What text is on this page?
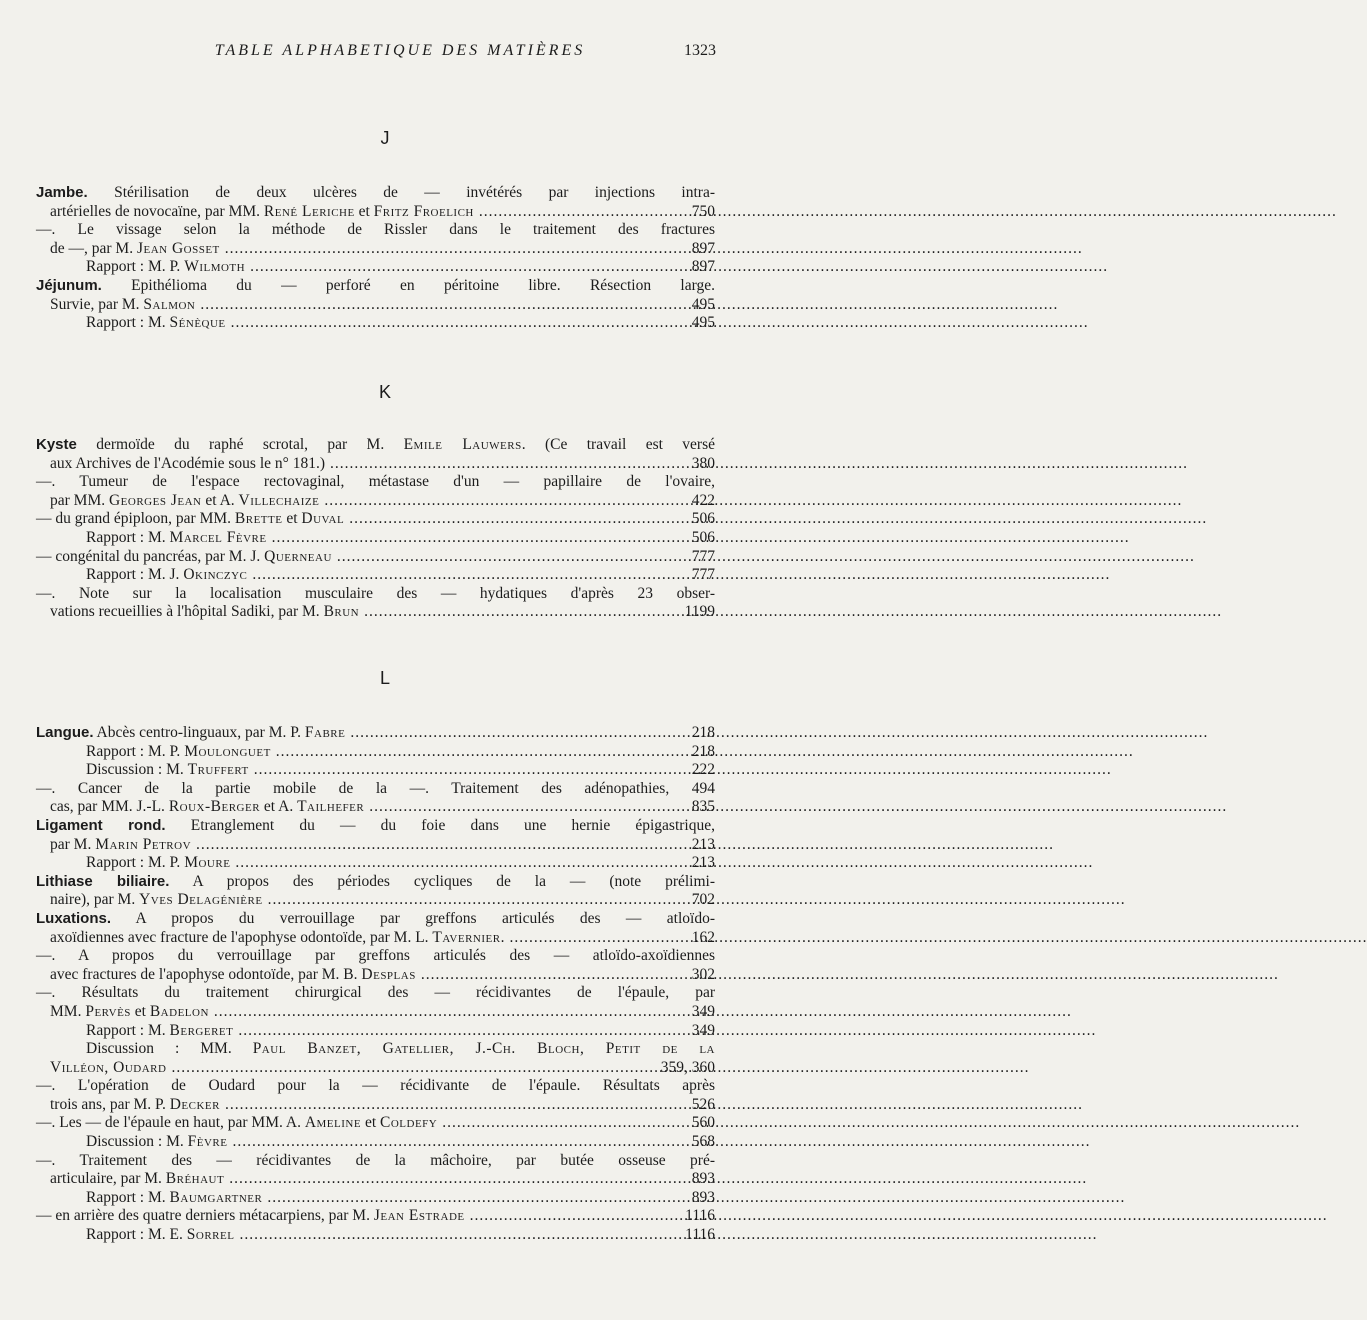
TABLE ALPHABETIQUE DES MATIÈRES	1323
J
Jambe. Stérilisation de deux ulcères de — invétérés par injections intra-
artérielles de novocaïne, par MM. René Leriche et Fritz Froelich .....	750
—. Le vissage selon la méthode de Rissler dans le traitement des fractures
de —, par M. Jean Gosset .....	897
Rapport : M. P. Wilmoth .....	897
Jéjunum. Epithélioma du — perforé en péritoine libre. Résection large.
Survie, par M. Salmon .....	495
Rapport : M. Sénèque .....	495
K
Kyste dermoïde du raphé scrotal, par M. Emile Lauwers. (Ce travail est versé
aux Archives de l'Acodémie sous le n° 181.) .....	380
—. Tumeur de l'espace rectovaginal, métastase d'un — papillaire de l'ovaire,
par MM. Georges Jean et A. Villechaize .....	422
— du grand épiploon, par MM. Brette et Duval .....	506
Rapport : M. Marcel Fèvre .....	506
— congénital du pancréas, par M. J. Querneau .....	777
Rapport : M. J. Okinczyc .....	777
—. Note sur la localisation musculaire des — hydatiques d'après 23 obser-
vations recueillies à l'hôpital Sadiki, par M. Brun .....	1199
L
Langue. Abcès centro-linguaux, par M. P. Fabre .....	218
Rapport : M. P. Moulonguet .....	218
Discussion : M. Truffert .....	222
—. Cancer de la partie mobile de la —. Traitement des adénopathies, 494
cas, par MM. J.-L. Roux-Berger et A. Tailhefer .....	835
Ligament rond. Etranglement du — du foie dans une hernie épigastrique,
par M. Marin Petrov .....	213
Rapport : M. P. Moure .....	213
Lithiase biliaire. A propos des périodes cycliques de la — (note prélimi-
naire), par M. Yves Delagénière .....	702
Luxations. A propos du verrouillage par greffons articulés des — atloïdo-
axoïdiennes avec fracture de l'apophyse odontoïde, par M. L. Tavernier. .....	162
—. A propos du verrouillage par greffons articulés des — atloïdo-axoïdiennes
avec fractures de l'apophyse odontoïde, par M. B. Desplas .....	302
—. Résultats du traitement chirurgical des — récidivantes de l'épaule, par
MM. Pervès et Badelon .....	349
Rapport : M. Bergeret .....	349
Discussion : MM. Paul Banzet, Gatellier, J.-Ch. Bloch, Petit de la
Villéon, Oudard .....	359, 360
—. L'opération de Oudard pour la — récidivante de l'épaule. Résultats après
trois ans, par M. P. Decker .....	526
—. Les — de l'épaule en haut, par MM. A. Ameline et Coldefy .....	560
Discussion : M. Fèvre .....	568
—. Traitement des — récidivantes de la mâchoire, par butée osseuse pré-
articulaire, par M. Bréhaut .....	893
Rapport : M. Baumgartner .....	893
— en arrière des quatre derniers métacarpiens, par M. Jean Estrade .....	1116
Rapport : M. E. Sorrel .....	1116
